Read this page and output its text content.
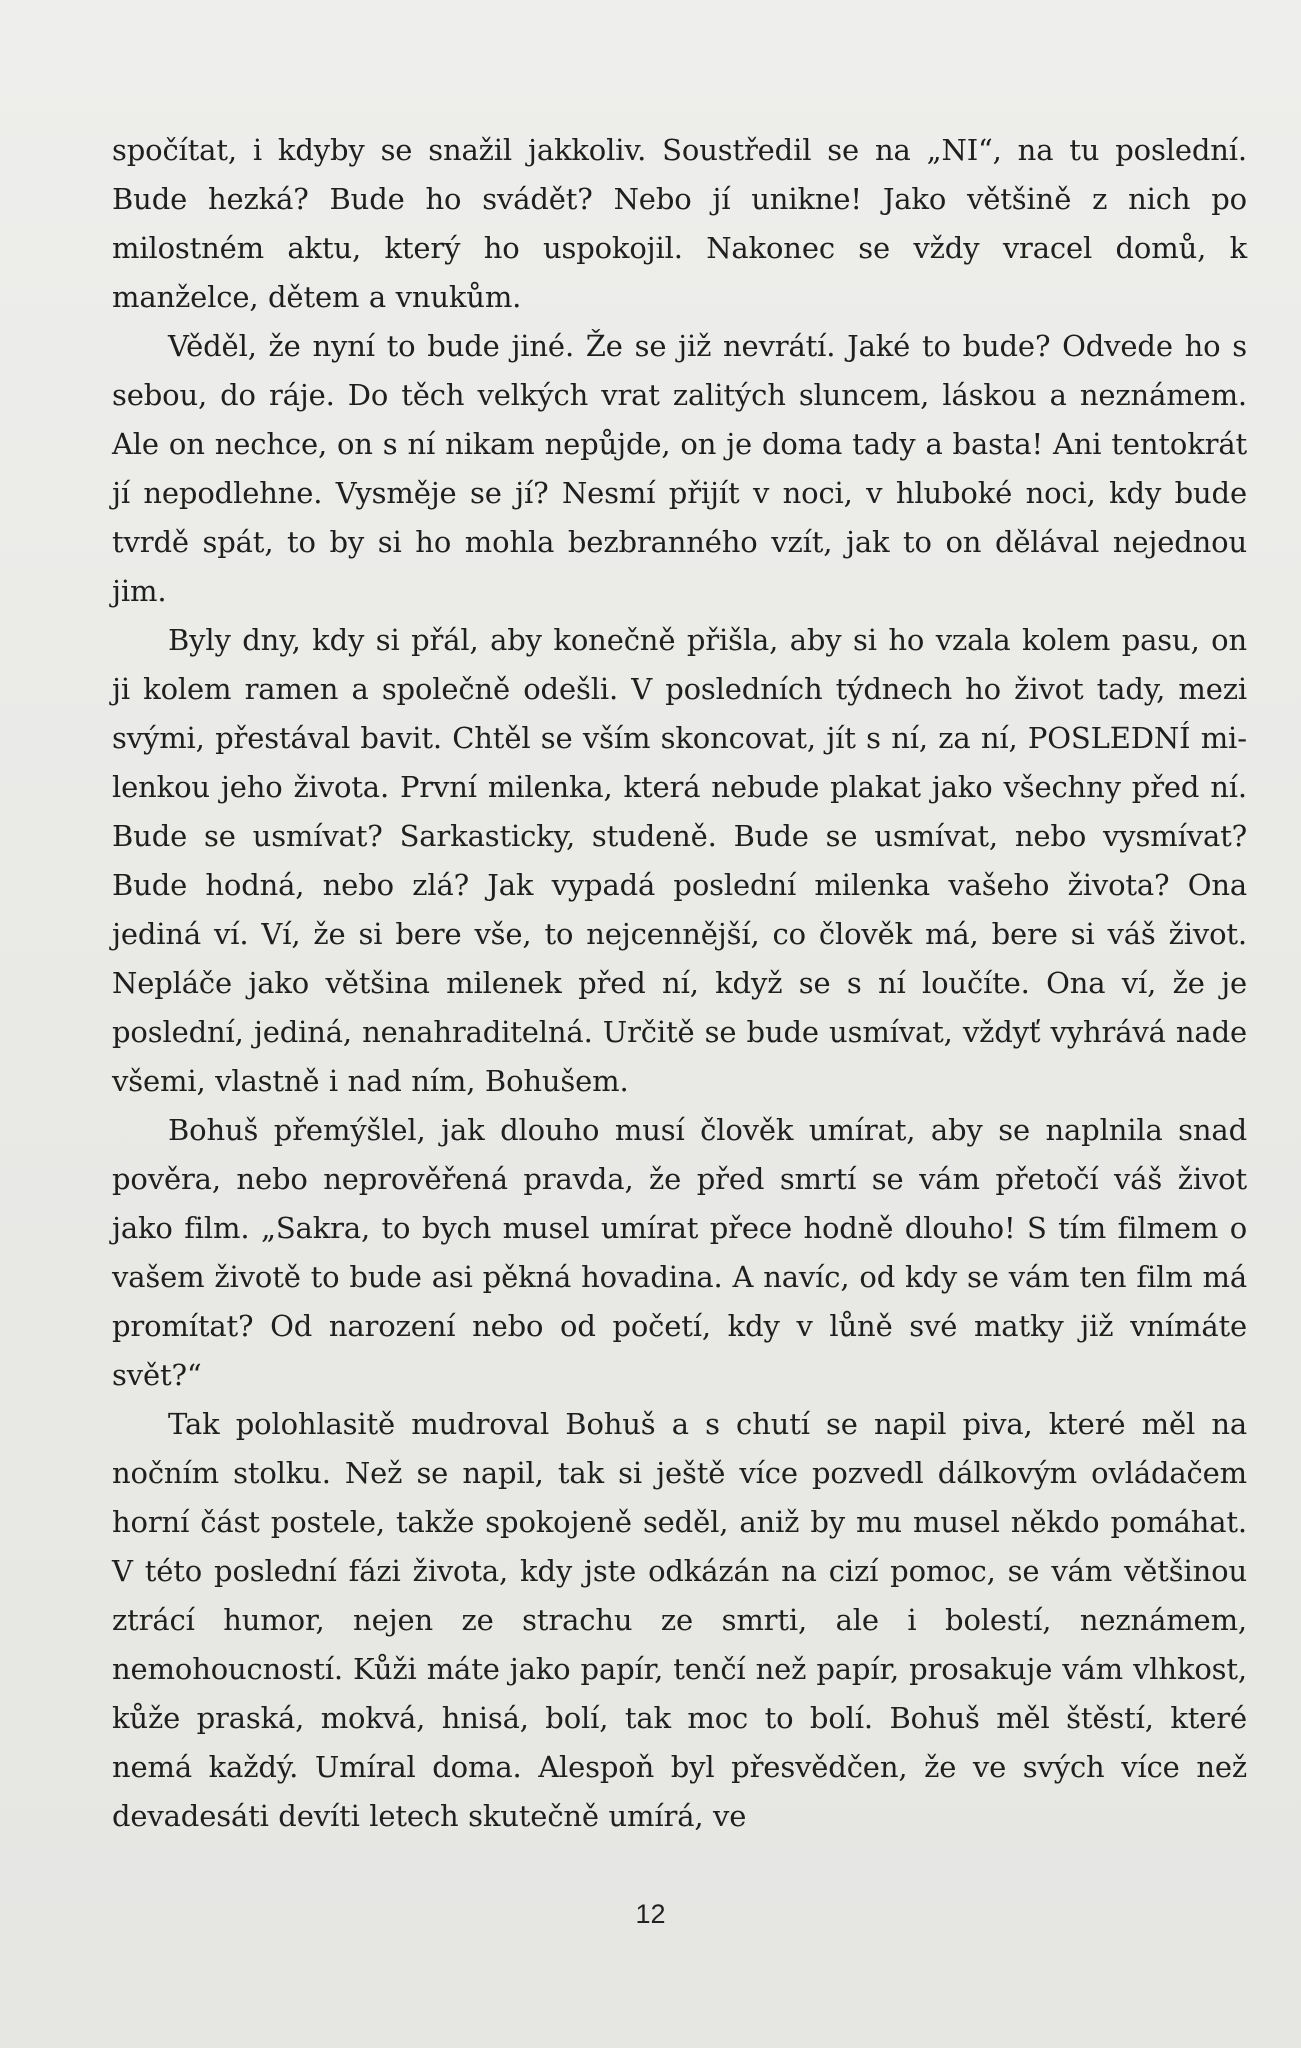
spočítat, i kdyby se snažil jakkoliv. Soustředil se na „NI“, na tu poslední. Bude hezká? Bude ho svádět? Nebo jí unikne! Jako většině z nich po milostném aktu, který ho uspokojil. Nakonec se vždy vracel domů, k manželce, dětem a vnukům.

Věděl, že nyní to bude jiné. Že se již nevrátí. Jaké to bude? Odvede ho s sebou, do ráje. Do těch velkých vrat zalitých sluncem, láskou a neznámem. Ale on nechce, on s ní nikam nepůjde, on je doma tady a basta! Ani tentokrát jí nepodlehne. Vysměje se jí? Nesmí přijít v noci, v hluboké noci, kdy bude tvrdě spát, to by si ho mohla bezbranného vzít, jak to on dělával nejednou jim.

Byly dny, kdy si přál, aby konečně přišla, aby si ho vzala kolem pasu, on ji kolem ramen a společně odešli. V posledních týdnech ho život tady, mezi svými, přestával bavit. Chtěl se vším skoncovat, jít s ní, za ní, POSLEDNÍ milenkou jeho života. První milenka, která nebude plakat jako všechny před ní. Bude se usmívat? Sarkasticky, studeně. Bude se usmívat, nebo vysmívat? Bude hodná, nebo zlá? Jak vypadá poslední milenka vašeho života? Ona jediná ví. Ví, že si bere vše, to nejcennější, co člověk má, bere si váš život. Nepláče jako většina milenek před ní, když se s ní loučíte. Ona ví, že je poslední, jediná, nenahraditelná. Určitě se bude usmívat, vždyť vyhrává nade všemi, vlastně i nad ním, Bohušem.

Bohuš přemýšlel, jak dlouho musí člověk umírat, aby se naplnila snad pověra, nebo neprověřená pravda, že před smrtí se vám přetočí váš život jako film. „Sakra, to bych musel umírat přece hodně dlouho! S tím filmem o vašem životě to bude asi pěkná hovadina. A navíc, od kdy se vám ten film má promítat? Od narození nebo od početí, kdy v lůně své matky již vnímáte svět?“

Tak polohlasitě mudroval Bohuš a s chutí se napil piva, které měl na nočním stolku. Než se napil, tak si ještě více pozvedl dálkovým ovládačem horní část postele, takže spokojeně seděl, aniž by mu musel někdo pomáhat. V této poslední fázi života, kdy jste odkázán na cizí pomoc, se vám většinou ztrácí humor, nejen ze strachu ze smrti, ale i bolestí, neznámem, nemohoucností. Kůži máte jako papír, tenčí než papír, prosakuje vám vlhkost, kůže praská, mokvá, hnisá, bolí, tak moc to bolí. Bohuš měl štěstí, které nemá každý. Umíral doma. Alespoň byl přesvědčen, že ve svých více než devadesáti devíti letech skutečně umírá, ve

12
